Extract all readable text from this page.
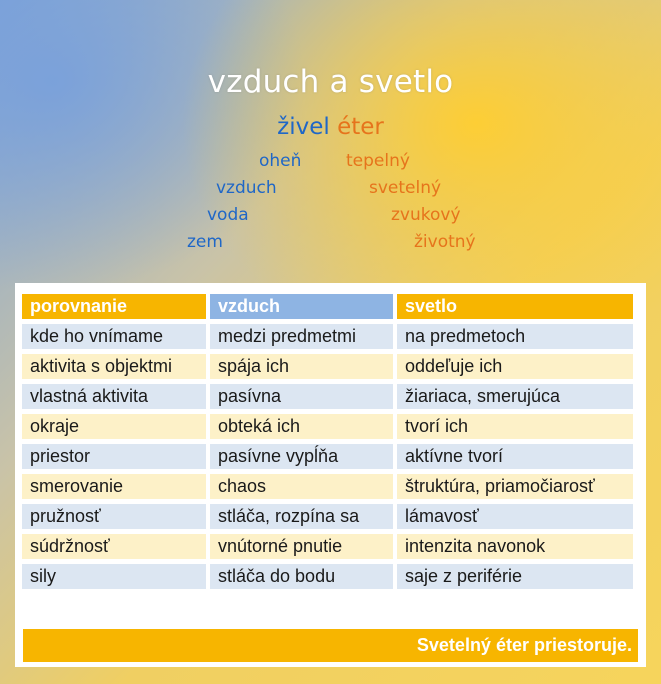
vzduch a svetlo
živel éter
oheň
vzduch
voda
zem
tepelný
svetelný
zvukový
životný
porovnanie	vzduch	svetlo
kde ho vnímame	medzi predmetmi	na predmetoch
aktivita s objektmi	spája ich	oddeľuje ich
vlastná aktivita	pasívna	žiariaca, smerujúca
okraje	obteká ich	tvorí ich
priestor	pasívne vypĺňa	aktívne tvorí
smerovanie	chaos	štruktúra, priamočiarosť
pružnosť	stláča, rozpína sa	lámavosť
súdržnosť	vnútorné pnutie	intenzita navonok
sily	stláča do bodu	saje z periférie
Svetelný éter priestoruje.
